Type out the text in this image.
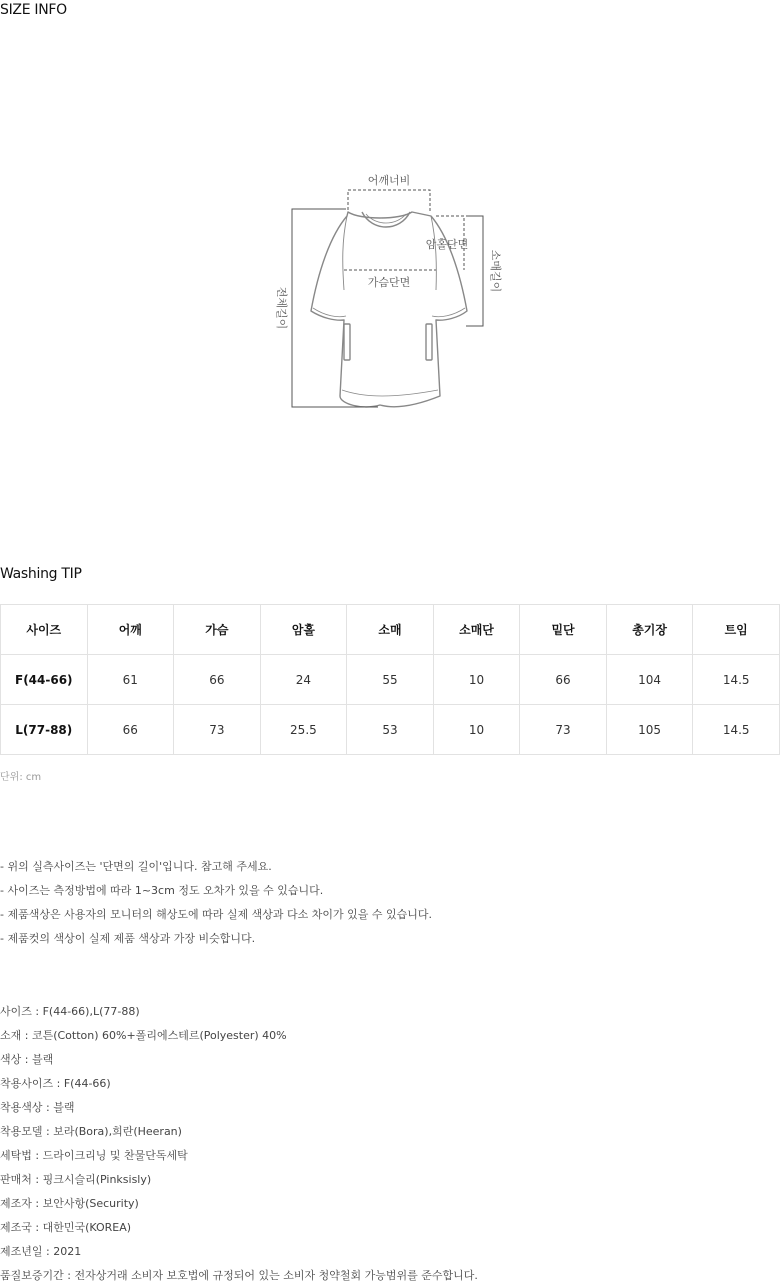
SIZE INFO
어깨너비
암홀단면
가슴단면	소매길이
전체길이
Washing TIP
사이즈	어깨	가슴	암홀	소매	소매단	밑단	총기장	트임
F(44-66)	61	66	24	55	10	66	104	14.5
L(77-88)	66	73	25.5	53	10	73	105	14.5
단위: cm
- 위의 실측사이즈는 '단면의 길이'입니다. 참고해 주세요.
- 사이즈는 측정방법에 따라 1~3cm 정도 오차가 있을 수 있습니다.
- 제품색상은 사용자의 모니터의 해상도에 따라 실제 색상과 다소 차이가 있을 수 있습니다.
- 제품컷의 색상이 실제 제품 색상과 가장 비슷합니다.
사이즈 : F(44-66),L(77-88)
소재 : 코튼(Cotton) 60%+폴리에스테르(Polyester) 40%
색상 : 블랙
착용사이즈 : F(44-66)
착용색상 : 블랙
착용모델 : 보라(Bora),희란(Heeran)
세탁법 : 드라이크리닝 및 찬물단독세탁
판매처 : 핑크시슬리(Pinksisly)
제조자 : 보안사항(Security)
제조국 : 대한민국(KOREA)
제조년일 : 2021
품질보증기간 : 전자상거래 소비자 보호법에 규정되어 있는 소비자 청약철회 가능범위를 준수합니다.
